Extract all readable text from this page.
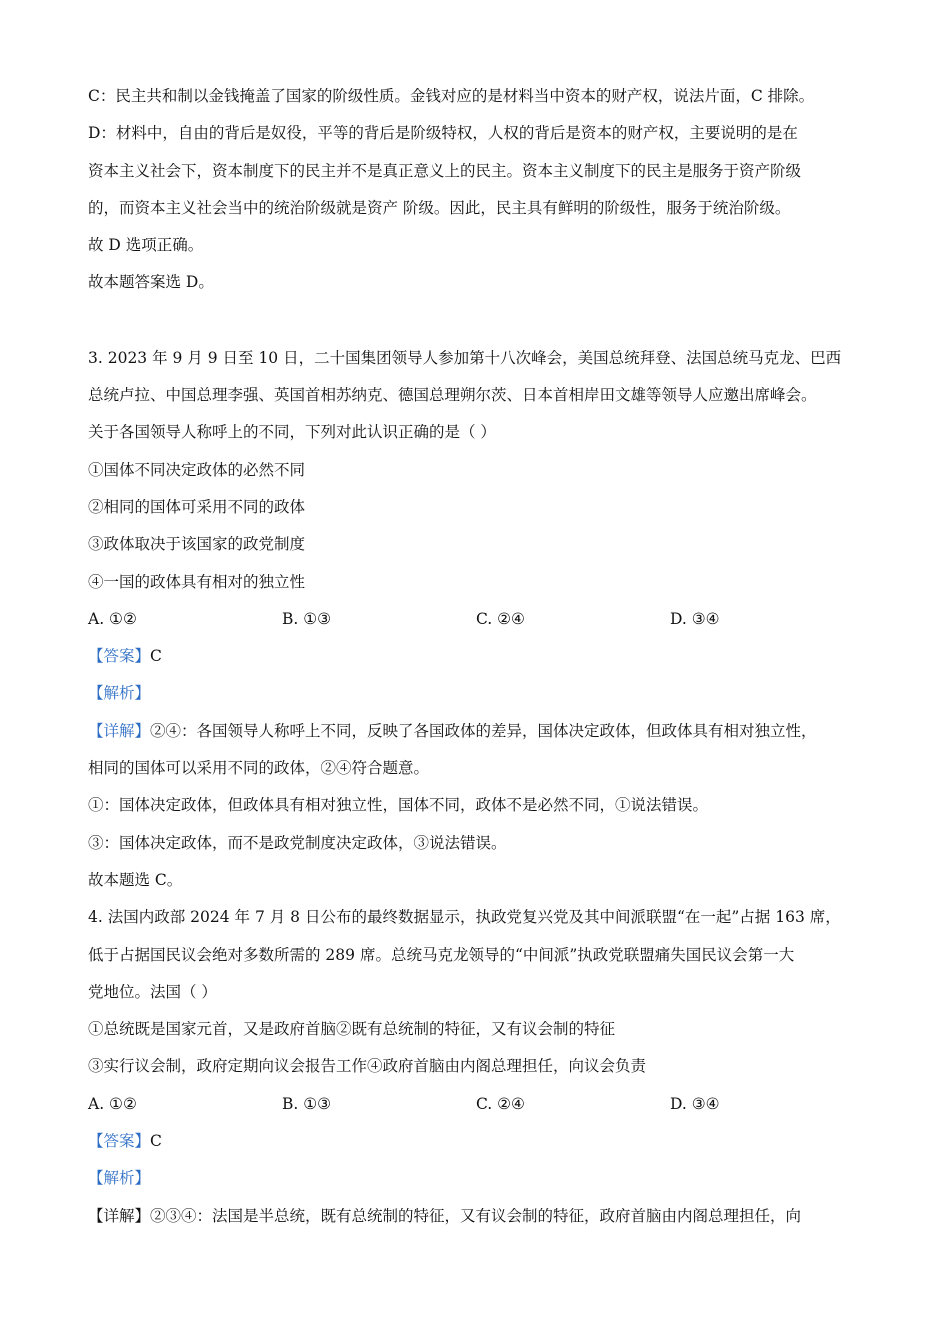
C：民主共和制以金钱掩盖了国家的阶级性质。金钱对应的是材料当中资本的财产权，说法片面，C 排除。
D：材料中，自由的背后是奴役，平等的背后是阶级特权，人权的背后是资本的财产权，主要说明的是在
资本主义社会下，资本制度下的民主并不是真正意义上的民主。资本主义制度下的民主是服务于资产阶级
的，而资本主义社会当中的统治阶级就是资产 阶级。因此，民主具有鲜明的阶级性，服务于统治阶级。
故 D 选项正确。
故本题答案选 D。
3. 2023 年 9 月 9 日至 10 日，二十国集团领导人参加第十八次峰会，美国总统拜登、法国总统马克龙、巴西
总统卢拉、中国总理李强、英国首相苏纳克、德国总理朔尔茨、日本首相岸田文雄等领导人应邀出席峰会。
关于各国领导人称呼上的不同，下列对此认识正确的是（ ）
①国体不同决定政体的必然不同
②相同的国体可采用不同的政体
③政体取决于该国家的政党制度
④一国的政体具有相对的独立性
A. ①②	B. ①③	C. ②④	D. ③④
【答案】C
【解析】
【详解】②④：各国领导人称呼上不同，反映了各国政体的差异，国体决定政体，但政体具有相对独立性，
相同的国体可以采用不同的政体，②④符合题意。
①：国体决定政体，但政体具有相对独立性，国体不同，政体不是必然不同，①说法错误。
③：国体决定政体，而不是政党制度决定政体，③说法错误。
故本题选 C。
4. 法国内政部 2024 年 7 月 8 日公布的最终数据显示，执政党复兴党及其中间派联盟“在一起”占据 163 席，
低于占据国民议会绝对多数所需的 289 席。总统马克龙领导的“中间派”执政党联盟痛失国民议会第一大
党地位。法国（ ）
①总统既是国家元首，又是政府首脑②既有总统制的特征，又有议会制的特征
③实行议会制，政府定期向议会报告工作④政府首脑由内阁总理担任，向议会负责
A. ①②	B. ①③	C. ②④	D. ③④
【答案】C
【解析】
【详解】②③④：法国是半总统，既有总统制的特征，又有议会制的特征，政府首脑由内阁总理担任，向
